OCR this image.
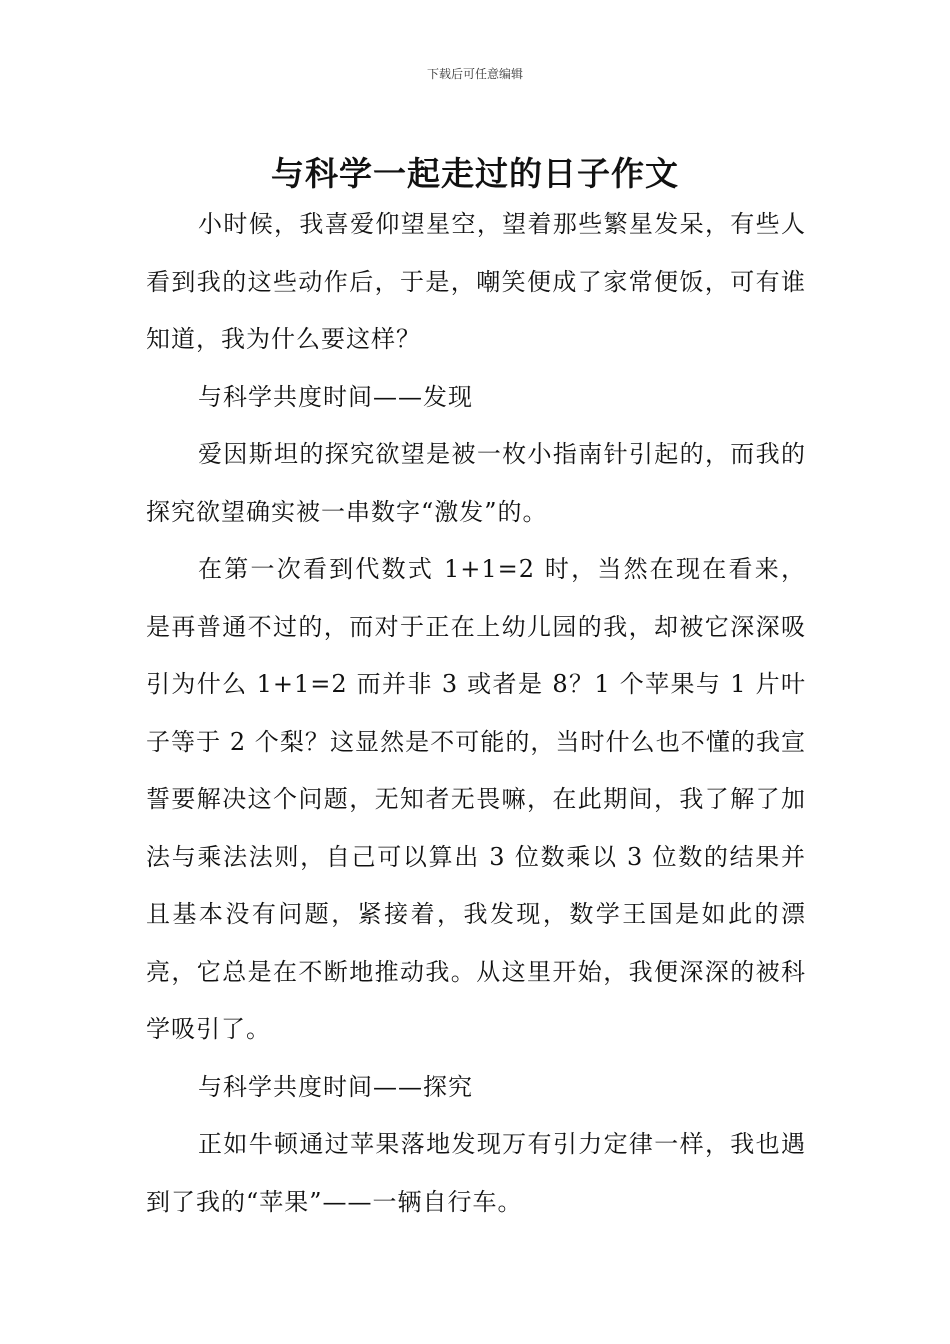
下载后可任意编辑
与科学一起走过的日子作文

小时候，我喜爱仰望星空，望着那些繁星发呆，有些人看到我的这些动作后，于是，嘲笑便成了家常便饭，可有谁知道，我为什么要这样？

与科学共度时间——发现

爱因斯坦的探究欲望是被一枚小指南针引起的，而我的探究欲望确实被一串数字“激发”的。

在第一次看到代数式 1+1=2 时，当然在现在看来，是再普通不过的，而对于正在上幼儿园的我，却被它深深吸引为什么 1+1=2 而并非 3 或者是 8？1 个苹果与 1 片叶子等于 2 个梨？这显然是不可能的，当时什么也不懂的我宣誓要解决这个问题，无知者无畏嘛，在此期间，我了解了加法与乘法法则，自己可以算出 3 位数乘以 3 位数的结果并且基本没有问题，紧接着，我发现，数学王国是如此的漂亮，它总是在不断地推动我。从这里开始，我便深深的被科学吸引了。

与科学共度时间——探究

正如牛顿通过苹果落地发现万有引力定律一样，我也遇到了我的“苹果”——一辆自行车。
